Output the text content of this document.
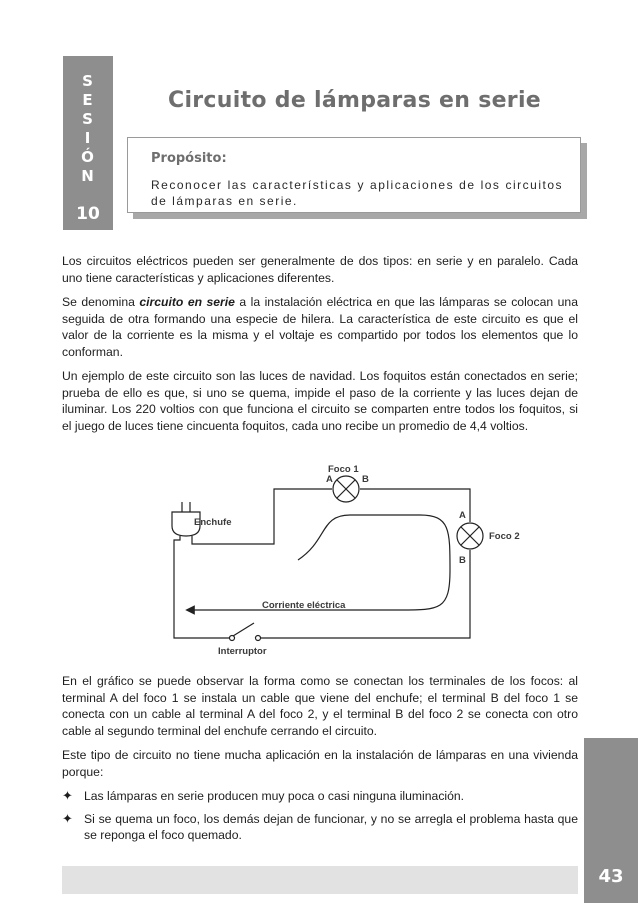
S
E
S
I
Ó
N
10
Circuito de lámparas en serie
Propósito:
Reconocer las características y aplicaciones de los circuitos de lámparas en serie.

Los circuitos eléctricos pueden ser generalmente de dos tipos: en serie y en paralelo. Cada uno tiene características y aplicaciones diferentes.

Se denomina circuito en serie a la instalación eléctrica en que las lámparas se colocan una seguida de otra formando una especie de hilera. La característica de este circuito es que el valor de la corriente es la misma y el voltaje es compartido por todos los elementos que lo conforman.

Un ejemplo de este circuito son las luces de navidad. Los foquitos están conectados en serie; prueba de ello es que, si uno se quema, impide el paso de la corriente y las luces dejan de iluminar. Los 220 voltios con que funciona el circuito se comparten entre todos los foquitos, si el juego de luces tiene cincuenta foquitos, cada uno recibe un promedio de 4,4 voltios.

Foco 1
A	B
A
Foco 2
B
Enchufe
Corriente eléctrica
Interruptor

En el gráfico se puede observar la forma como se conectan los terminales de los focos: al terminal A del foco 1 se instala un cable que viene del enchufe; el terminal B del foco 1 se conecta con un cable al terminal A del foco 2, y el terminal B del foco 2 se conecta con otro cable al segundo terminal del enchufe cerrando el circuito.

Este tipo de circuito no tiene mucha aplicación en la instalación de lámparas en una vivienda porque:

✦ Las lámparas en serie producen muy poca o casi ninguna iluminación.
✦ Si se quema un foco, los demás dejan de funcionar, y no se arregla el problema hasta que se reponga el foco quemado.
43
